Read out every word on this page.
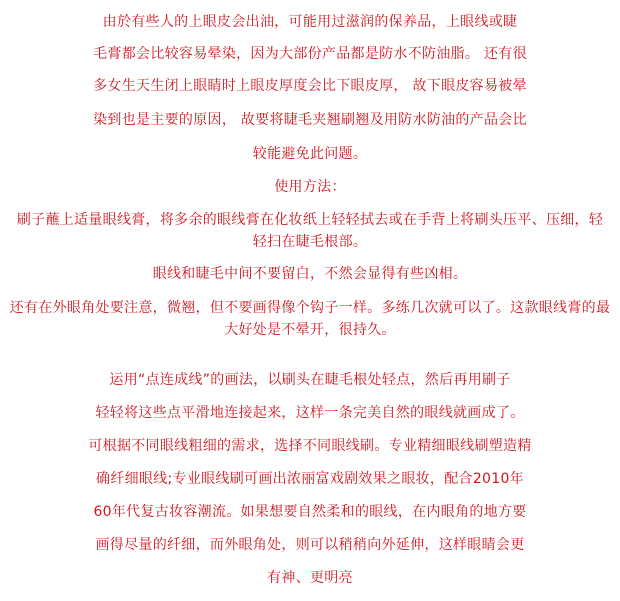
由於有些人的上眼皮会出油，可能用过滋润的保养品，上眼线或睫
毛膏都会比较容易晕染，因为大部份产品都是防水不防油脂。 还有很
多女生天生闭上眼睛时上眼皮厚度会比下眼皮厚， 故下眼皮容易被晕
染到也是主要的原因， 故要将睫毛夹翘刷翘及用防水防油的产品会比
较能避免此问题。
使用方法：
刷子蘸上适量眼线膏，将多余的眼线膏在化妆纸上轻轻拭去或在手背上将刷头压平、压细，轻
轻扫在睫毛根部。
眼线和睫毛中间不要留白，不然会显得有些凶相。
还有在外眼角处要注意，微翘，但不要画得像个钩子一样。多练几次就可以了。这款眼线膏的最
大好处是不晕开，很持久。
运用“点连成线”的画法，以刷头在睫毛根处轻点，然后再用刷子
轻轻将这些点平滑地连接起来，这样一条完美自然的眼线就画成了。
可根据不同眼线粗细的需求，选择不同眼线刷。专业精细眼线刷塑造精
确纤细眼线;专业眼线刷可画出浓丽富戏剧效果之眼妆，配合2010年
60年代复古妆容潮流。如果想要自然柔和的眼线，在内眼角的地方要
画得尽量的纤细，而外眼角处，则可以稍稍向外延伸，这样眼睛会更
有神、更明亮
